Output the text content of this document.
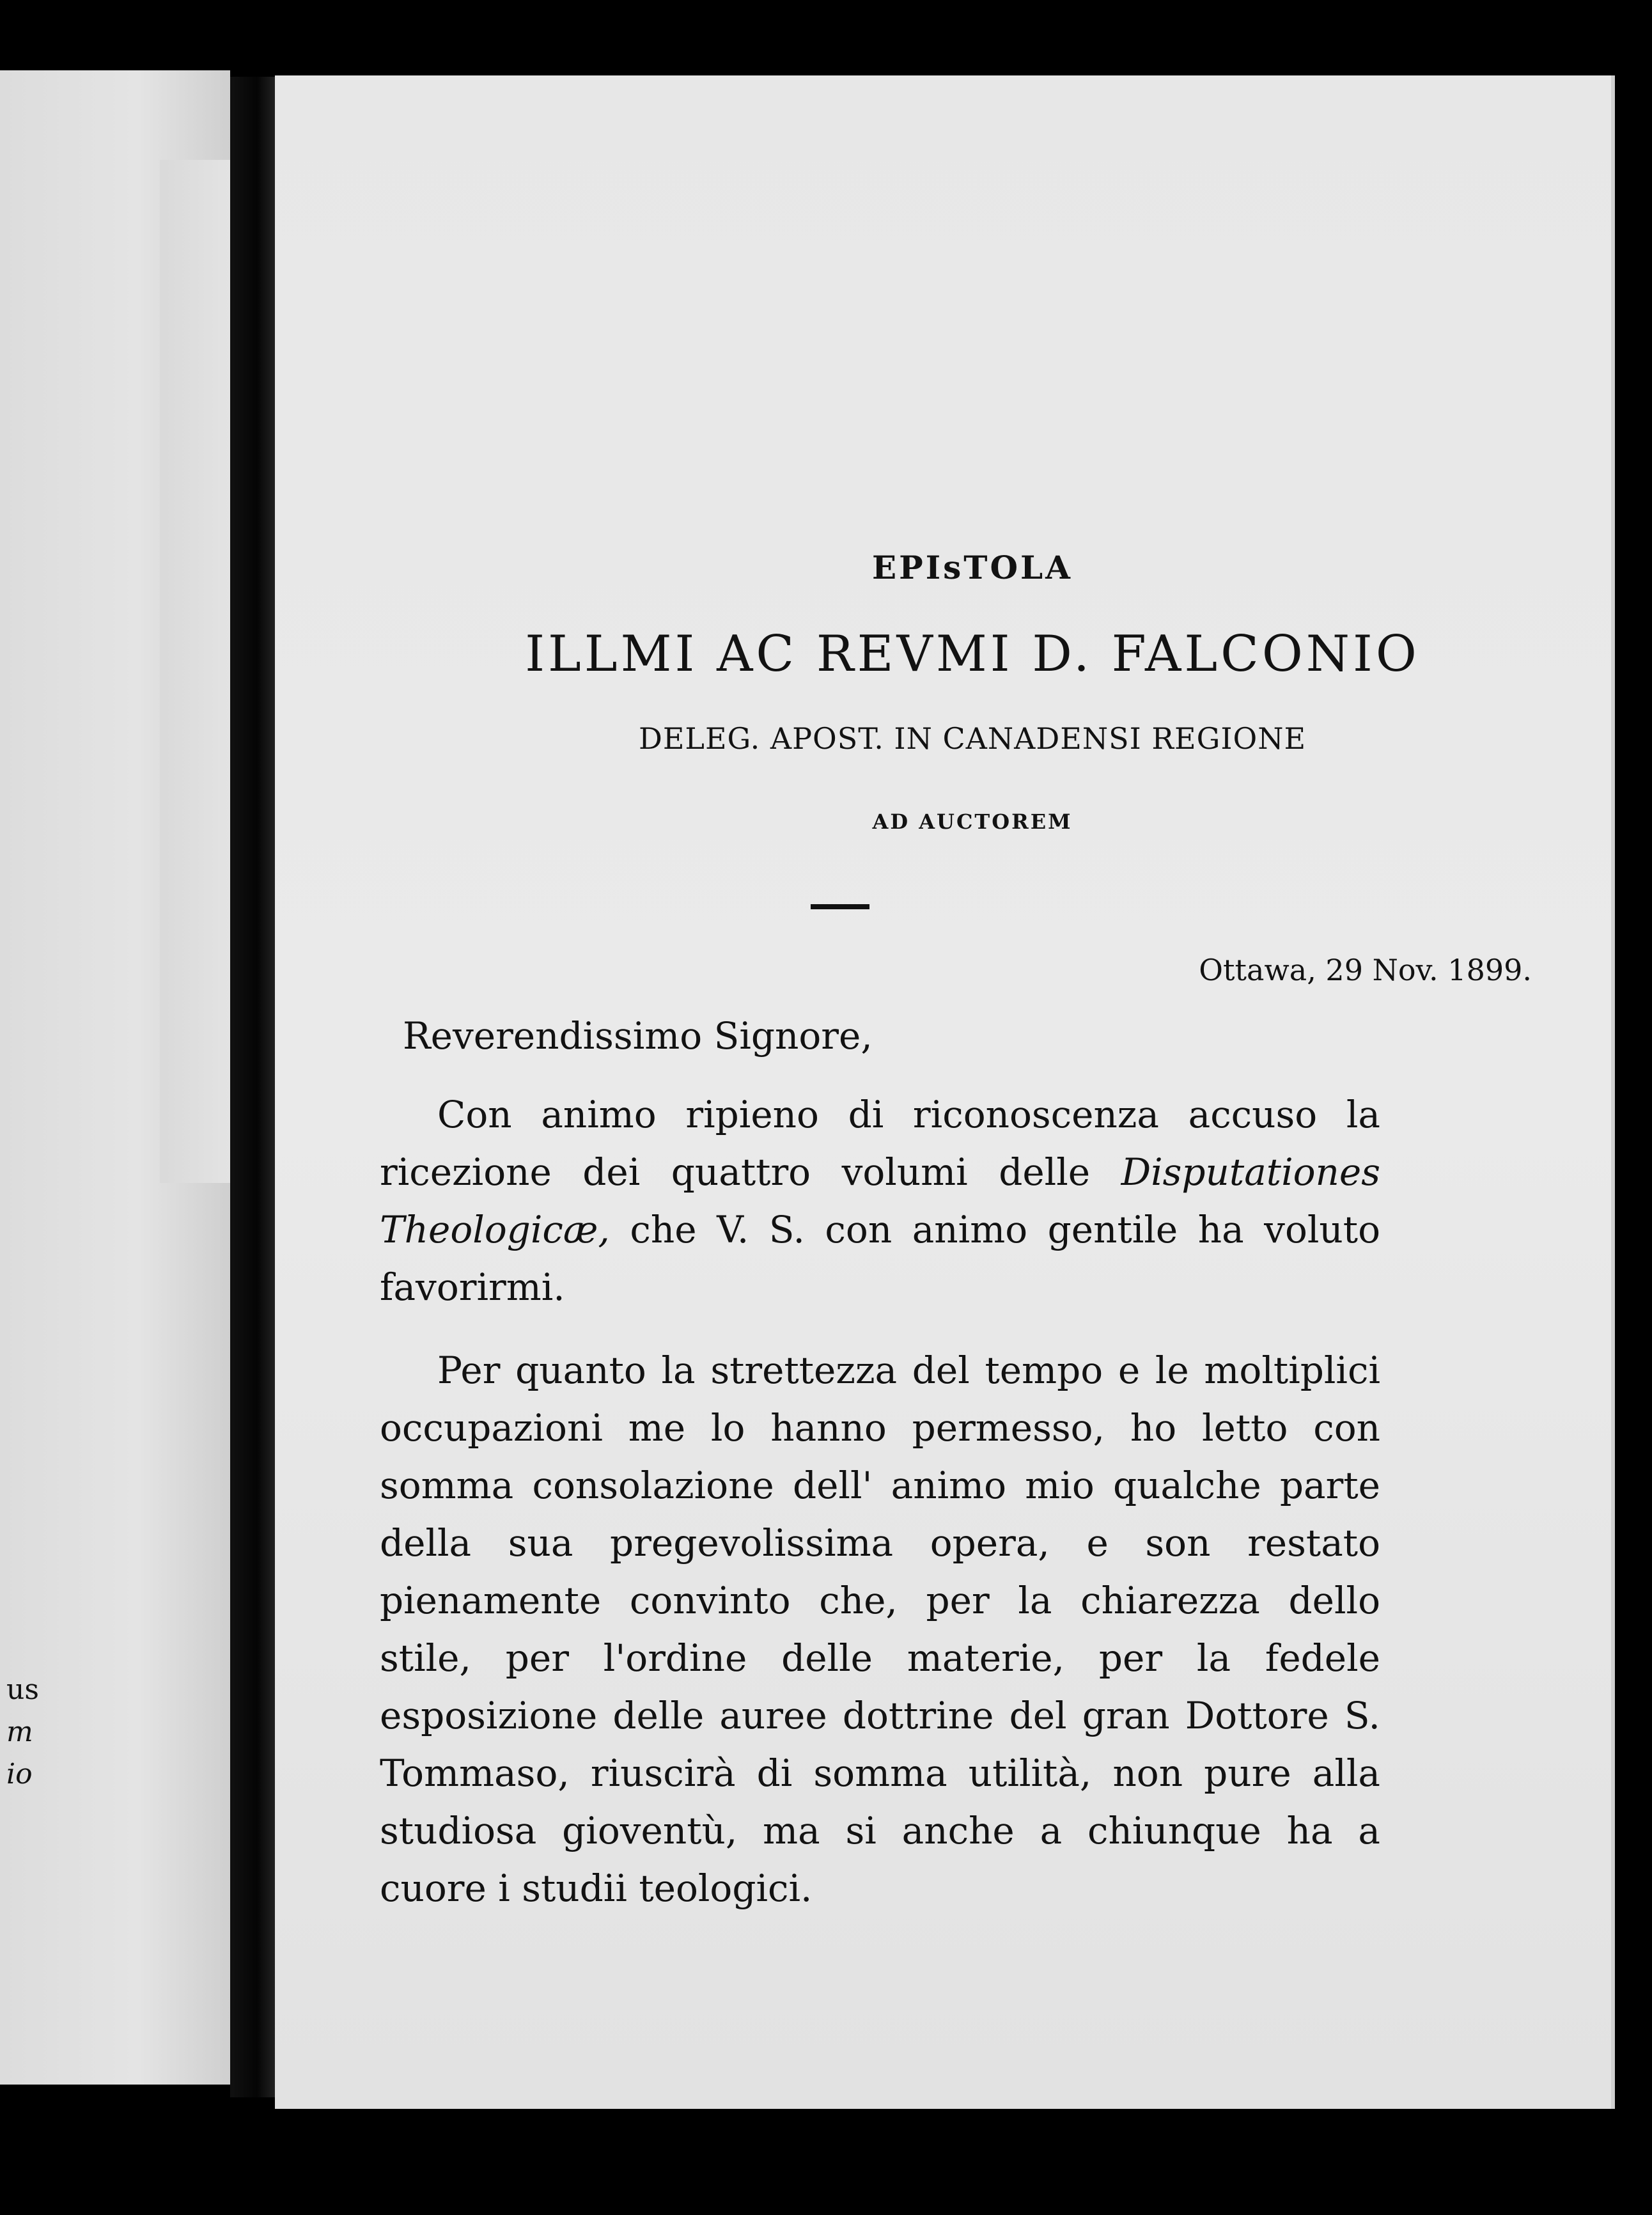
us
m
io
EPIsTOLA
ILLMI AC REVMI D. FALCONIO
DELEG. APOST. IN CANADENSI REGIONE
AD AUCTOREM
Ottawa, 29 Nov. 1899.
Reverendissimo Signore,

Con animo ripieno di riconoscenza accuso la ricezione dei quattro volumi delle Disputationes Theologicæ, che V. S. con animo gentile ha voluto favorirmi.

Per quanto la strettezza del tempo e le moltiplici occupazioni me lo hanno permesso, ho letto con somma consolazione dell' animo mio qualche parte della sua pregevolissima opera, e son restato pienamente convinto che, per la chiarezza dello stile, per l'ordine delle materie, per la fedele esposizione delle auree dottrine del gran Dottore S. Tommaso, riuscirà di somma utilità, non pure alla studiosa gioventù, ma si anche a chiunque ha a cuore i studii teologici.
